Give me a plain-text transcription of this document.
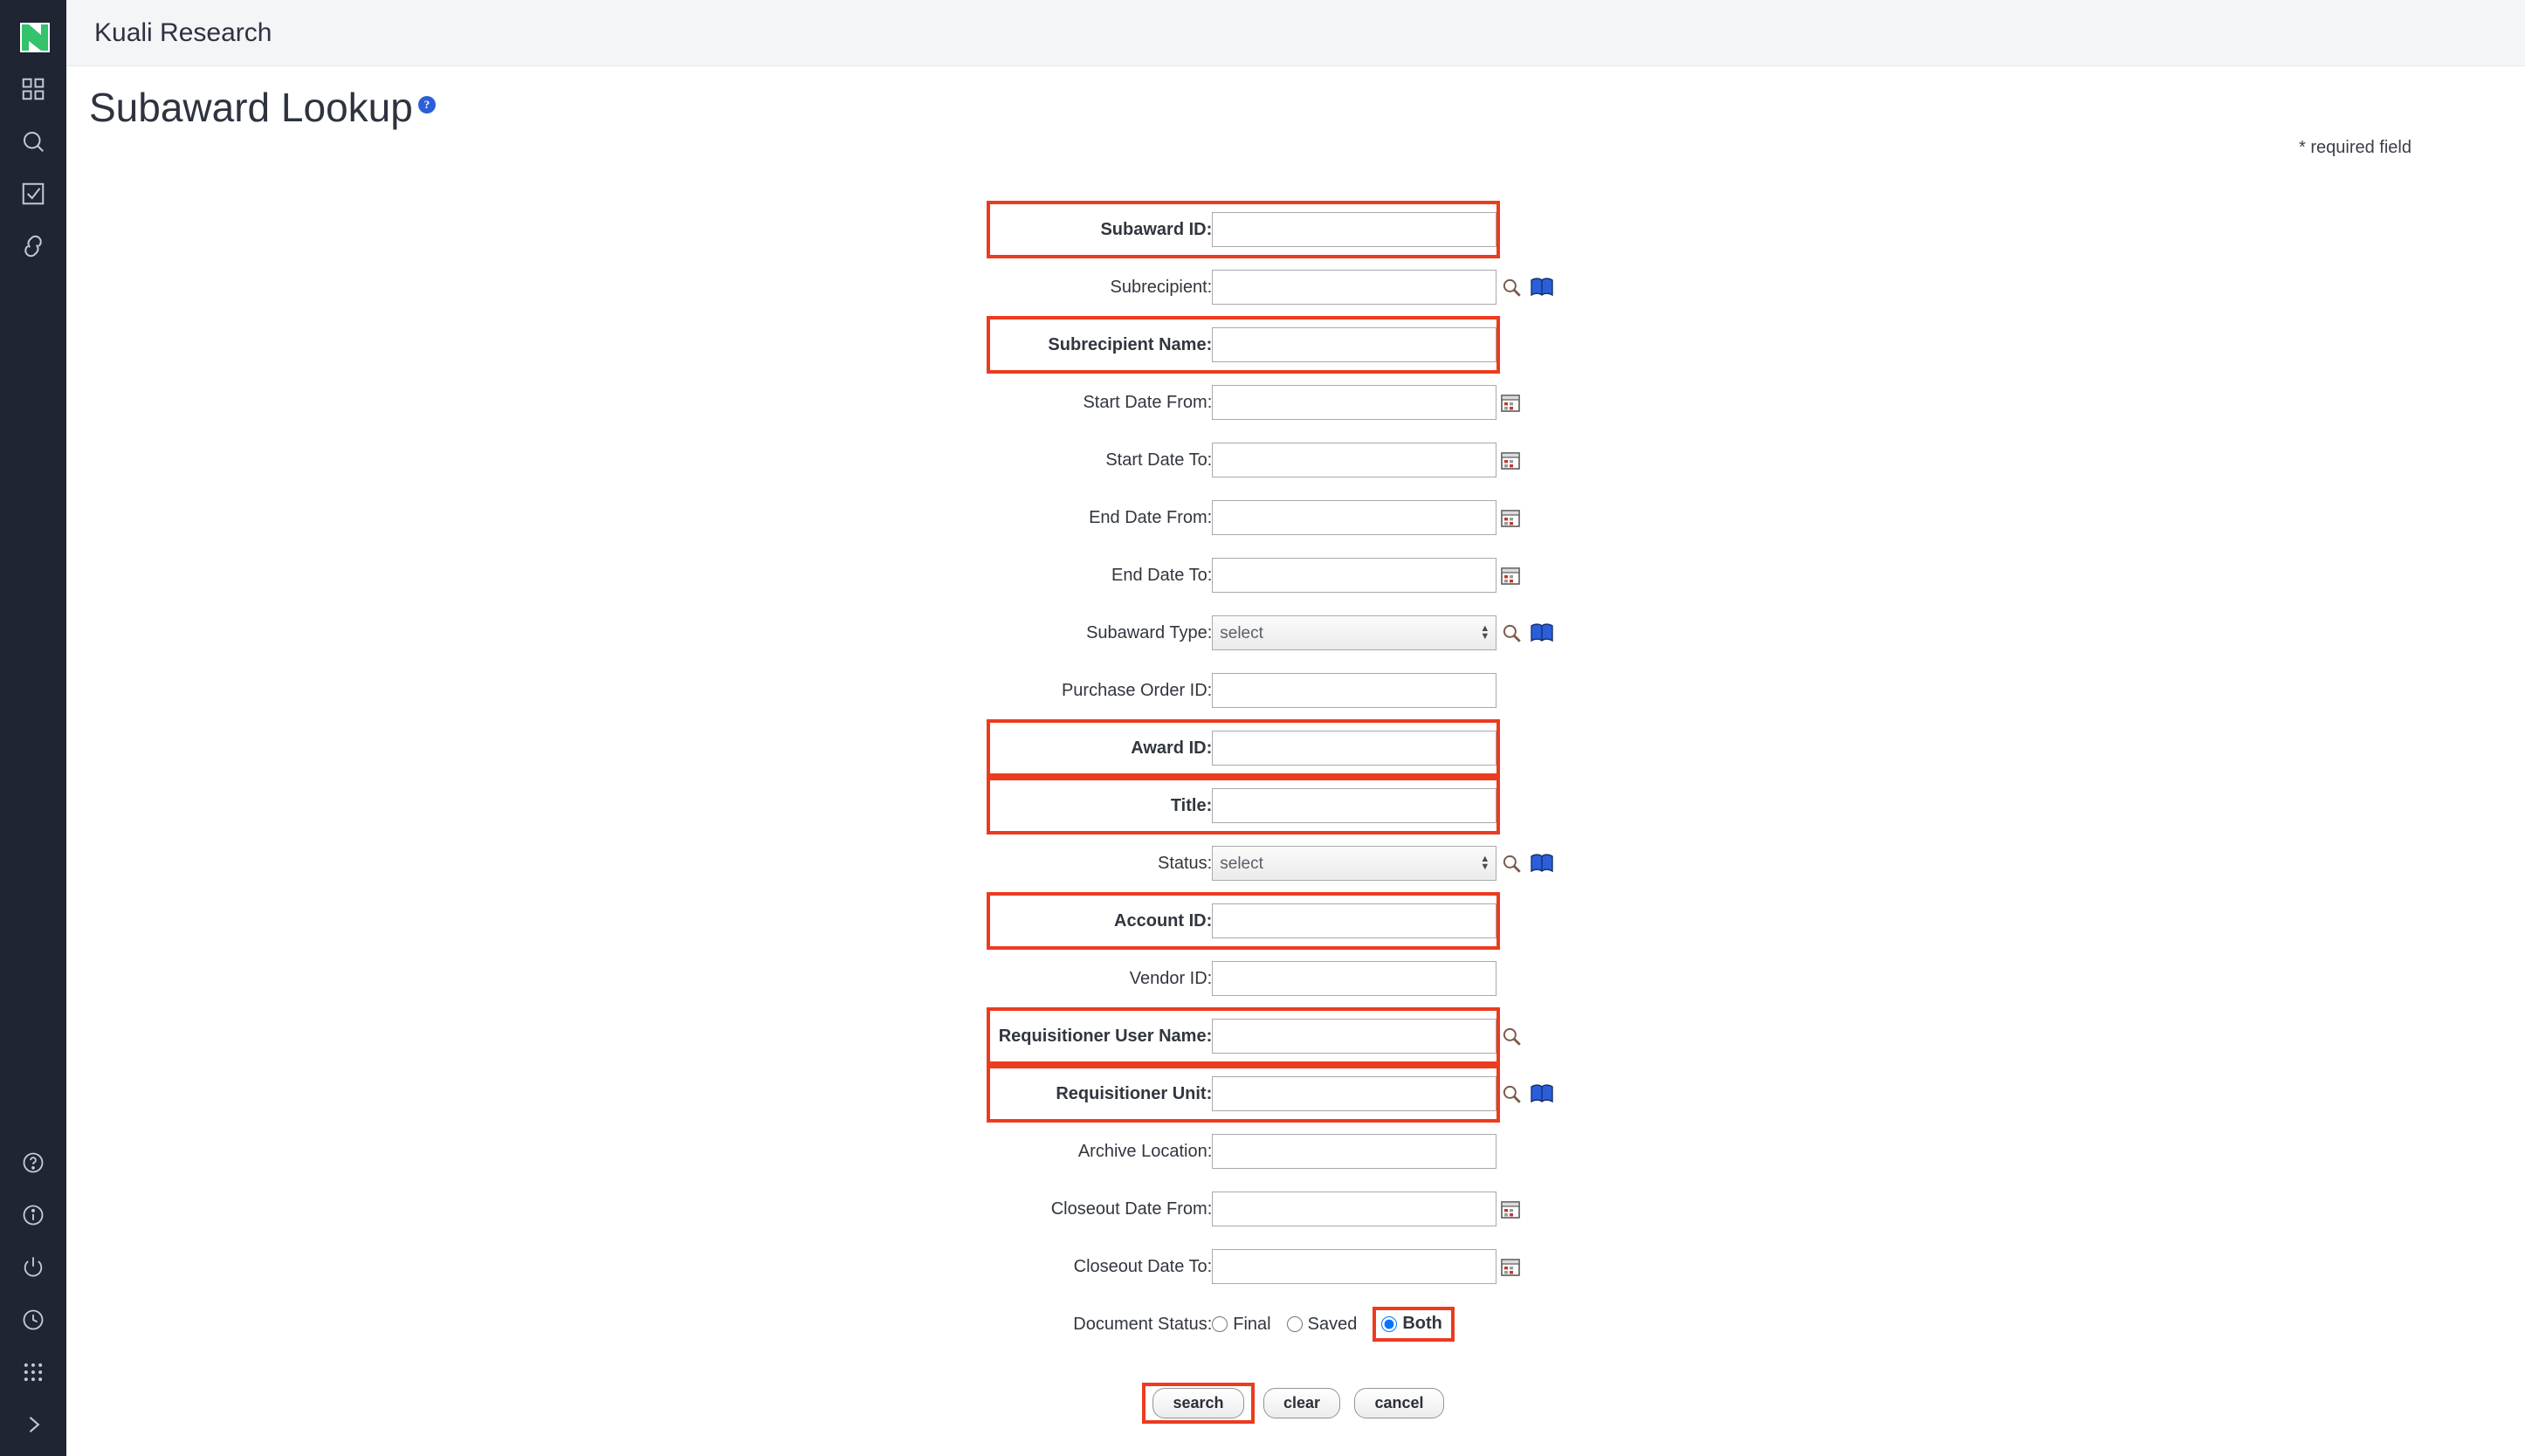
Kuali Research
Subaward Lookup ?
* required field
Subaward ID:		
Subrecipient:		

Subrecipient Name:		
Start Date From:		

Start Date To:		

End Date From:		

End Date To:		

Subaward Type:	
select▲
▼

Purchase Order ID:		
Award ID:		
Title:		
Status:	
select▲
▼

Account ID:		
Vendor ID:		
Requisitioner User Name:		

Requisitioner Unit:		

Archive Location:		
Closeout Date From:		

Closeout Date To:		

Document Status:	Final Saved Both	
search	clear	cancel
